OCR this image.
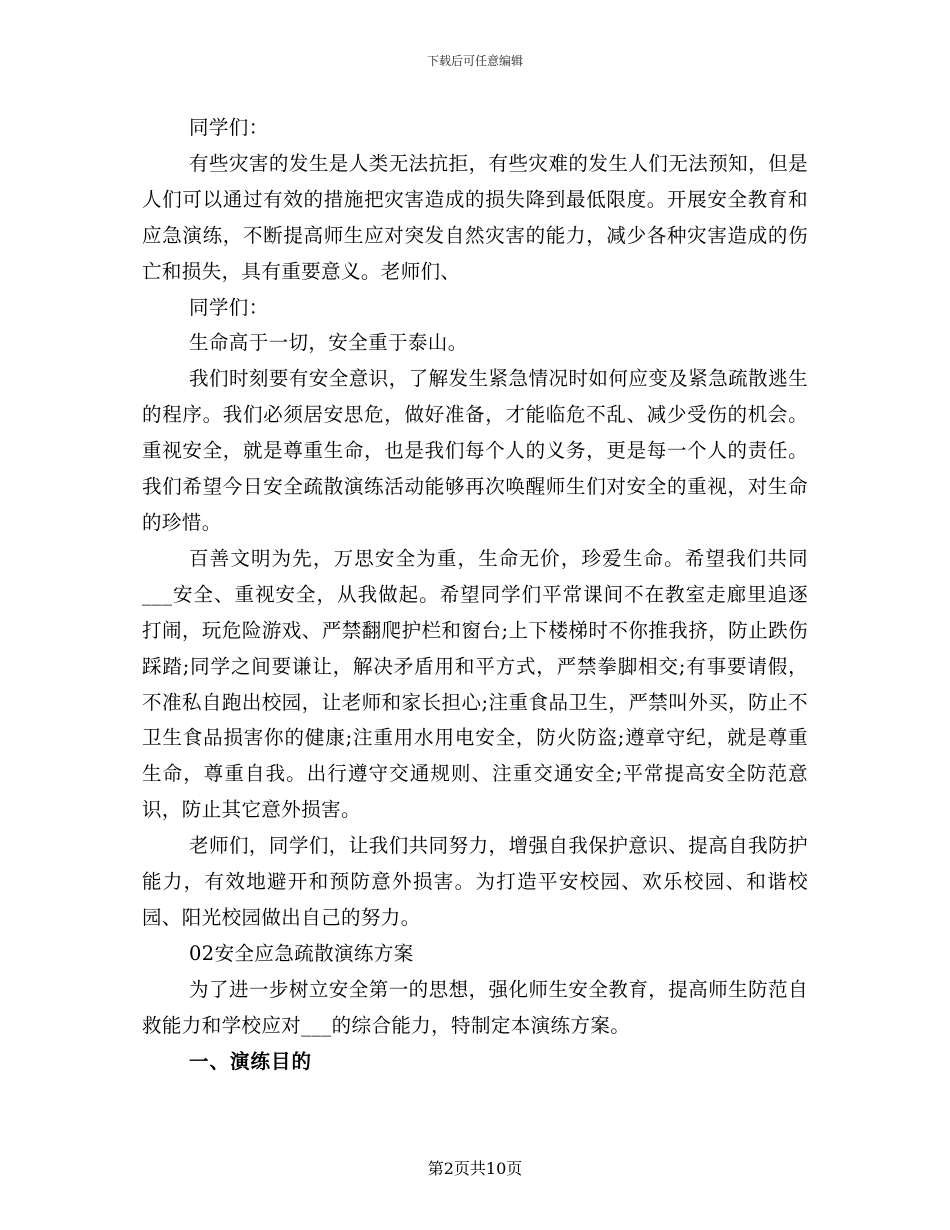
下载后可任意编辑

同学们：

有些灾害的发生是人类无法抗拒，有些灾难的发生人们无法预知，但是人们可以通过有效的措施把灾害造成的损失降到最低限度。开展安全教育和应急演练，不断提高师生应对突发自然灾害的能力，减少各种灾害造成的伤亡和损失，具有重要意义。老师们、

同学们：

生命高于一切，安全重于泰山。

我们时刻要有安全意识，了解发生紧急情况时如何应变及紧急疏散逃生的程序。我们必须居安思危，做好准备，才能临危不乱、减少受伤的机会。重视安全，就是尊重生命，也是我们每个人的义务，更是每一个人的责任。我们希望今日安全疏散演练活动能够再次唤醒师生们对安全的重视，对生命的珍惜。

百善文明为先，万思安全为重，生命无价，珍爱生命。希望我们共同___安全、重视安全，从我做起。希望同学们平常课间不在教室走廊里追逐打闹，玩危险游戏、严禁翻爬护栏和窗台;上下楼梯时不你推我挤，防止跌伤踩踏;同学之间要谦让，解决矛盾用和平方式，严禁拳脚相交;有事要请假，不准私自跑出校园，让老师和家长担心;注重食品卫生，严禁叫外买，防止不卫生食品损害你的健康;注重用水用电安全，防火防盗;遵章守纪，就是尊重生命，尊重自我。出行遵守交通规则、注重交通安全;平常提高安全防范意识，防止其它意外损害。

老师们，同学们，让我们共同努力，增强自我保护意识、提高自我防护能力，有效地避开和预防意外损害。为打造平安校园、欢乐校园、和谐校园、阳光校园做出自己的努力。

02安全应急疏散演练方案

为了进一步树立安全第一的思想，强化师生安全教育，提高师生防范自救能力和学校应对___的综合能力，特制定本演练方案。

一、演练目的

第2页共10页
